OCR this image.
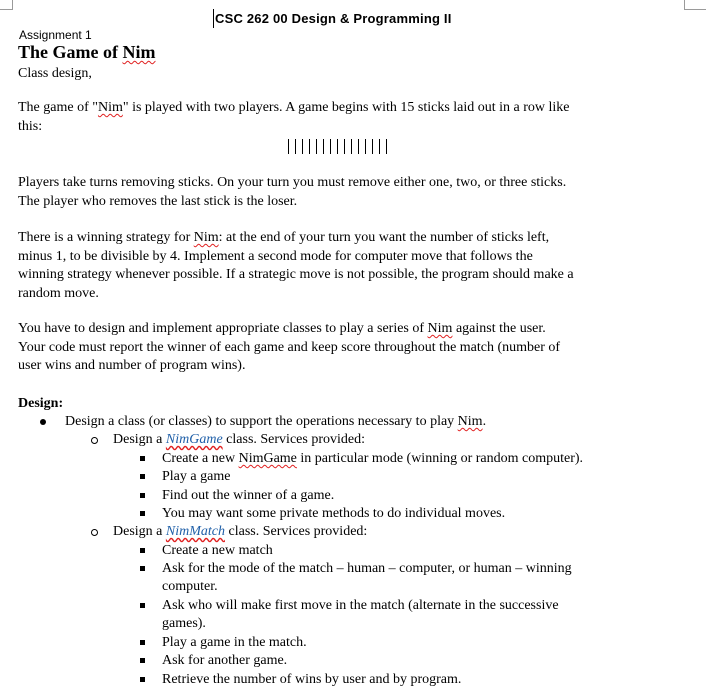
CSC 262 00 Design & Programming II
Assignment 1
The Game of Nim
Class design,

The game of "Nim" is played with two players. A game begins with 15 sticks laid out in a row like
this:

Players take turns removing sticks. On your turn you must remove either one, two, or three sticks.
The player who removes the last stick is the loser.

There is a winning strategy for Nim: at the end of your turn you want the number of sticks left,
minus 1, to be divisible by 4. Implement a second mode for computer move that follows the
winning strategy whenever possible. If a strategic move is not possible, the program should make a
random move.

You have to design and implement appropriate classes to play a series of Nim against the user.
Your code must report the winner of each game and keep score throughout the match (number of
user wins and number of program wins).

Design:
Design a class (or classes) to support the operations necessary to play Nim.
Design a NimGame class. Services provided:
Create a new NimGame in particular mode (winning or random computer).
Play a game
Find out the winner of a game.
You may want some private methods to do individual moves.
Design a NimMatch class. Services provided:
Create a new match
Ask for the mode of the match – human – computer, or human – winning
computer.
Ask who will make first move in the match (alternate in the successive
games).
Play a game in the match.
Ask for another game.
Retrieve the number of wins by user and by program.
